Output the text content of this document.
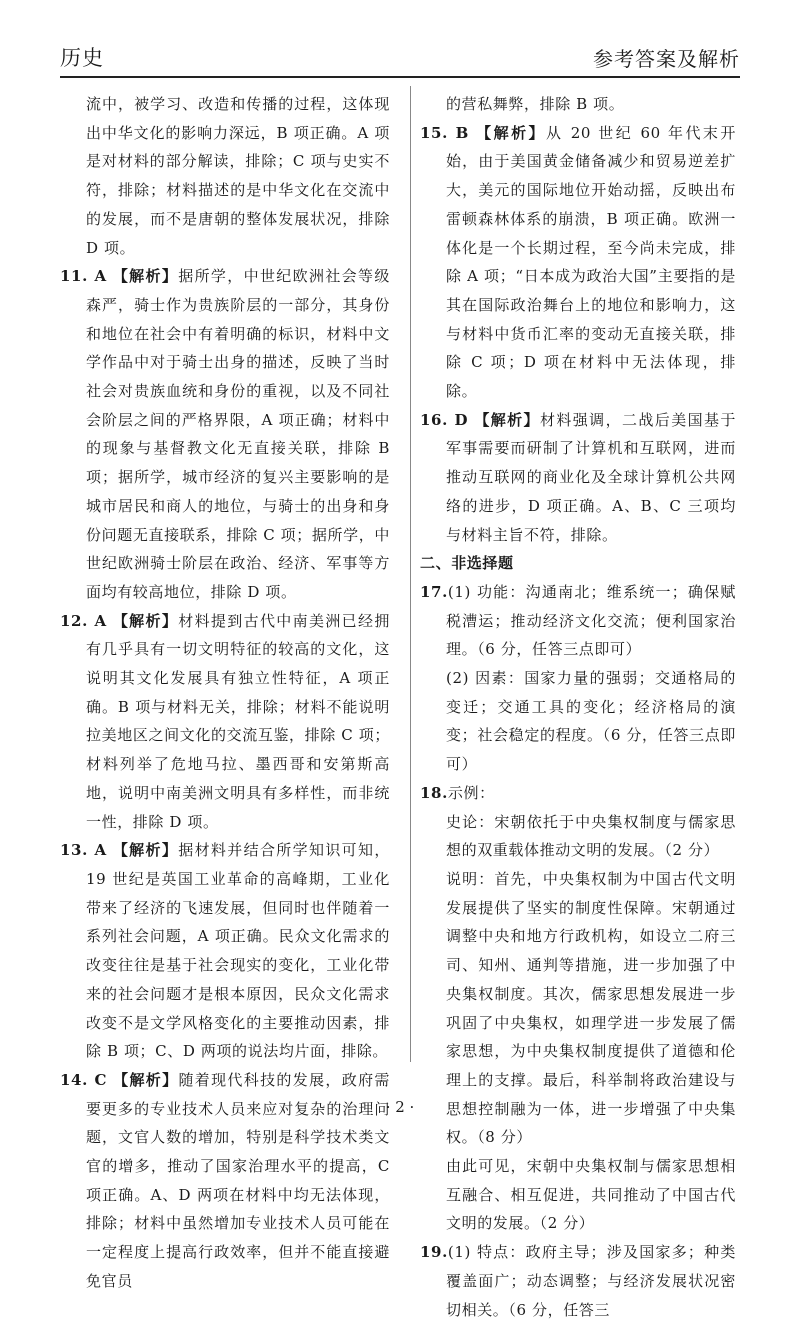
历史	参考答案及解析

流中，被学习、改造和传播的过程，这体现出中华文化的影响力深远，B 项正确。A 项是对材料的部分解读，排除；C 项与史实不符，排除；材料描述的是中华文化在交流中的发展，而不是唐朝的整体发展状况，排除 D 项。

11. A 【解析】据所学，中世纪欧洲社会等级森严，骑士作为贵族阶层的一部分，其身份和地位在社会中有着明确的标识，材料中文学作品中对于骑士出身的描述，反映了当时社会对贵族血统和身份的重视，以及不同社会阶层之间的严格界限，A 项正确；材料中的现象与基督教文化无直接关联，排除 B 项；据所学，城市经济的复兴主要影响的是城市居民和商人的地位，与骑士的出身和身份问题无直接联系，排除 C 项；据所学，中世纪欧洲骑士阶层在政治、经济、军事等方面均有较高地位，排除 D 项。

12. A 【解析】材料提到古代中南美洲已经拥有几乎具有一切文明特征的较高的文化，这说明其文化发展具有独立性特征，A 项正确。B 项与材料无关，排除；材料不能说明拉美地区之间文化的交流互鉴，排除 C 项；材料列举了危地马拉、墨西哥和安第斯高地，说明中南美洲文明具有多样性，而非统一性，排除 D 项。

13. A 【解析】据材料并结合所学知识可知，19 世纪是英国工业革命的高峰期，工业化带来了经济的飞速发展，但同时也伴随着一系列社会问题，A 项正确。民众文化需求的改变往往是基于社会现实的变化，工业化带来的社会问题才是根本原因，民众文化需求改变不是文学风格变化的主要推动因素，排除 B 项；C、D 两项的说法均片面，排除。

14. C 【解析】随着现代科技的发展，政府需要更多的专业技术人员来应对复杂的治理问题，文官人数的增加，特别是科学技术类文官的增多，推动了国家治理水平的提高，C 项正确。A、D 两项在材料中均无法体现，排除；材料中虽然增加专业技术人员可能在一定程度上提高行政效率，但并不能直接避免官员

的营私舞弊，排除 B 项。

15. B 【解析】从 20 世纪 60 年代末开始，由于美国黄金储备减少和贸易逆差扩大，美元的国际地位开始动摇，反映出布雷顿森林体系的崩溃，B 项正确。欧洲一体化是一个长期过程，至今尚未完成，排除 A 项；“日本成为政治大国”主要指的是其在国际政治舞台上的地位和影响力，这与材料中货币汇率的变动无直接关联，排除 C 项；D 项在材料中无法体现，排除。

16. D 【解析】材料强调，二战后美国基于军事需要而研制了计算机和互联网，进而推动互联网的商业化及全球计算机公共网络的进步，D 项正确。A、B、C 三项均与材料主旨不符，排除。

二、非选择题

17.(1) 功能：沟通南北；维系统一；确保赋税漕运；推动经济文化交流；便利国家治理。（6 分，任答三点即可）

(2) 因素：国家力量的强弱；交通格局的变迁；交通工具的变化；经济格局的演变；社会稳定的程度。（6 分，任答三点即可）

18.示例：

史论：宋朝依托于中央集权制度与儒家思想的双重载体推动文明的发展。（2 分）

说明：首先，中央集权制为中国古代文明发展提供了坚实的制度性保障。宋朝通过调整中央和地方行政机构，如设立二府三司、知州、通判等措施，进一步加强了中央集权制度。其次，儒家思想发展进一步巩固了中央集权，如理学进一步发展了儒家思想，为中央集权制度提供了道德和伦理上的支撑。最后，科举制将政治建设与思想控制融为一体，进一步增强了中央集权。（8 分）

由此可见，宋朝中央集权制与儒家思想相互融合、相互促进，共同推动了中国古代文明的发展。（2 分）

19.(1) 特点：政府主导；涉及国家多；种类覆盖面广；动态调整；与经济发展状况密切相关。（6 分，任答三

· 2 ·
